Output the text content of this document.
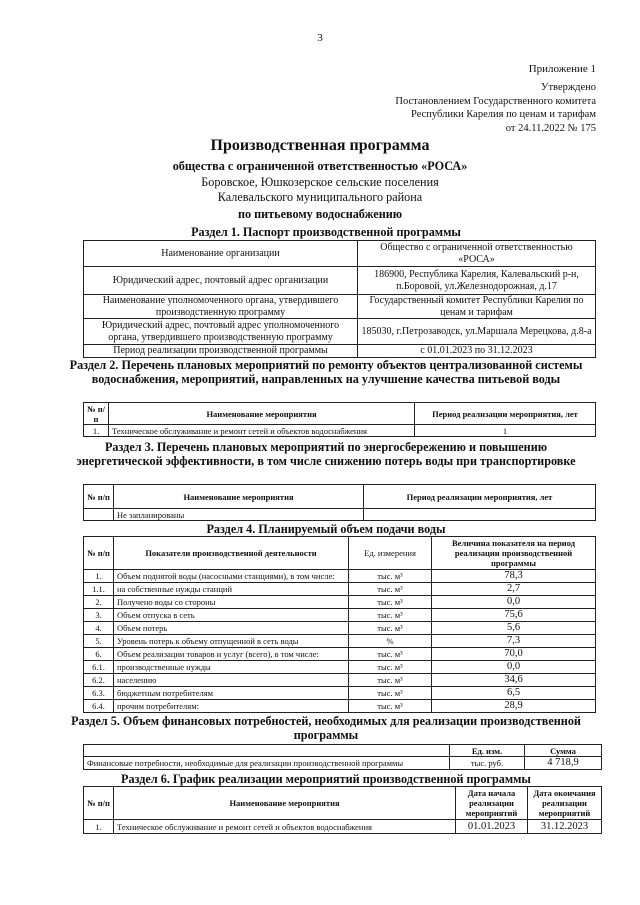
3
Приложение 1
Утверждено
Постановлением Государственного комитета
Республики Карелия по ценам и тарифам
от 24.11.2022 № 175
Производственная программа
общества с ограниченной ответственностью «РОСА»
Боровское, Юшкозерское сельские поселения
Калевальского муниципального района
по питьевому водоснабжению
Раздел 1. Паспорт производственной программы
Наименование организации	Общество с ограниченной ответственностью «РОСА»
Юридический адрес, почтовый адрес организации	186900, Республика Карелия, Калевальский р-н, п.Боровой, ул.Железнодорожная, д.17
Наименование уполномоченного органа, утвердившего производственную программу	Государственный комитет Республики Карелия по ценам и тарифам
Юридический адрес, почтовый адрес уполномоченного органа, утвердившего производственную программу	185030, г.Петрозаводск, ул.Маршала Мерецкова, д.8-а
Период реализации производственной программы	с 01.01.2023 по 31.12.2023
Раздел 2. Перечень плановых мероприятий по ремонту объектов централизованной системы водоснабжения, мероприятий, направленных на улучшение качества питьевой воды
№ п/п	Наименование мероприятия	Период реализации мероприятия, лет
1.	Техническое обслуживание и ремонт сетей и объектов водоснабжения	1
Раздел 3. Перечень плановых мероприятий по энергосбережению и повышению энергетической эффективности, в том числе снижению потерь воды при транспортировке
№ п/п	Наименование мероприятия	Период реализации мероприятия, лет
	Не запланированы	
Раздел 4. Планируемый объем подачи воды
№ п/п	Показатели производственной деятельности	Ед. измерения	Величина показателя на период реализации производственной программы
1.	Объем поднятой воды (насосными станциями), в том числе:	тыс. м³	78,3
1.1.	на собственные нужды станций	тыс. м³	2,7
2.	Получено воды со стороны	тыс. м³	0,0
3.	Объем отпуска в сеть	тыс. м³	75,6
4.	Объем потерь	тыс. м³	5,6
5.	Уровень потерь к объему отпущенной в сеть воды	%	7,3
6.	Объем реализации товаров и услуг (всего), в том числе:	тыс. м³	70,0
6.1.	производственные нужды	тыс. м³	0,0
6.2.	населению	тыс. м³	34,6
6.3.	бюджетным потребителям	тыс. м³	6,5
6.4.	прочим потребителям:	тыс. м³	28,9
Раздел 5. Объем финансовых потребностей, необходимых для реализации производственной программы
	Ед. изм.	Сумма
Финансовые потребности, необходимые для реализации производственной программы	тыс. руб.	4 718,9
Раздел 6. График реализации мероприятий производственной программы
№ п/п	Наименование мероприятия	Дата начала реализации мероприятий	Дата окончания реализации мероприятий
1.	Техническое обслуживание и ремонт сетей и объектов водоснабжения	01.01.2023	31.12.2023
